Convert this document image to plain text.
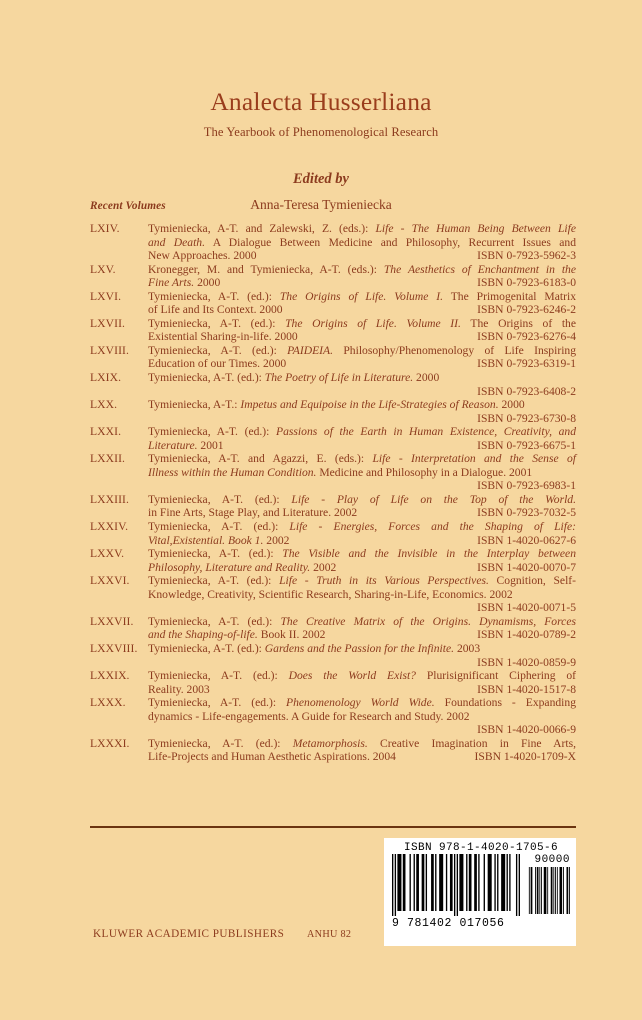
Analecta Husserliana
The Yearbook of Phenomenological Research
Edited by
Anna-Teresa Tymieniecka
Recent Volumes
LXIV.	Tymieniecka, A-T. and Zalewski, Z. (eds.): Life - The Human Being Between Life
and Death. A Dialogue Between Medicine and Philosophy, Recurrent Issues and
New Approaches. 2000	ISBN 0-7923-5962-3
LXV.	Kronegger, M. and Tymieniecka, A-T. (eds.): The Aesthetics of Enchantment in the
Fine Arts. 2000	ISBN 0-7923-6183-0
LXVI.	Tymieniecka, A-T. (ed.): The Origins of Life. Volume I. The Primogenital Matrix
of Life and Its Context. 2000	ISBN 0-7923-6246-2
LXVII.	Tymieniecka, A-T. (ed.): The Origins of Life. Volume II. The Origins of the
Existential Sharing-in-life. 2000	ISBN 0-7923-6276-4
LXVIII.	Tymieniecka, A-T. (ed.): PAIDEIA. Philosophy/Phenomenology of Life Inspiring
Education of our Times. 2000	ISBN 0-7923-6319-1
LXIX.	Tymieniecka, A-T. (ed.): The Poetry of Life in Literature. 2000
ISBN 0-7923-6408-2
LXX.	Tymieniecka, A-T.: Impetus and Equipoise in the Life-Strategies of Reason. 2000
ISBN 0-7923-6730-8
LXXI.	Tymieniecka, A-T. (ed.): Passions of the Earth in Human Existence, Creativity, and
Literature. 2001	ISBN 0-7923-6675-1
LXXII.	Tymieniecka, A-T. and Agazzi, E. (eds.): Life - Interpretation and the Sense of
Illness within the Human Condition. Medicine and Philosophy in a Dialogue. 2001
ISBN 0-7923-6983-1
LXXIII.	Tymieniecka, A-T. (ed.): Life - Play of Life on the Top of the World.
in Fine Arts, Stage Play, and Literature. 2002	ISBN 0-7923-7032-5
LXXIV.	Tymieniecka, A-T. (ed.): Life - Energies, Forces and the Shaping of Life:
Vital,Existential. Book 1. 2002	ISBN 1-4020-0627-6
LXXV.	Tymieniecka, A-T. (ed.): The Visible and the Invisible in the Interplay between
Philosophy, Literature and Reality. 2002	ISBN 1-4020-0070-7
LXXVI.	Tymieniecka, A-T. (ed.): Life - Truth in its Various Perspectives. Cognition, Self-
Knowledge, Creativity, Scientific Research, Sharing-in-Life, Economics. 2002
ISBN 1-4020-0071-5
LXXVII.	Tymieniecka, A-T. (ed.): The Creative Matrix of the Origins. Dynamisms, Forces
and the Shaping-of-life. Book II. 2002	ISBN 1-4020-0789-2
LXXVIII. Tymieniecka, A-T. (ed.): Gardens and the Passion for the Infinite. 2003
ISBN 1-4020-0859-9
LXXIX.	Tymieniecka, A-T. (ed.): Does the World Exist? Plurisignificant Ciphering of
Reality. 2003	ISBN 1-4020-1517-8
LXXX.	Tymieniecka, A-T. (ed.): Phenomenology World Wide. Foundations - Expanding
dynamics - Life-engagements. A Guide for Research and Study. 2002
ISBN 1-4020-0066-9
LXXXI.	Tymieniecka, A-T. (ed.): Metamorphosis. Creative Imagination in Fine Arts,
Life-Projects and Human Aesthetic Aspirations. 2004	ISBN 1-4020-1709-X
KLUWER ACADEMIC PUBLISHERS ANHU 82
ISBN 978-1-4020-1705-6
9 781402 017056
90000
